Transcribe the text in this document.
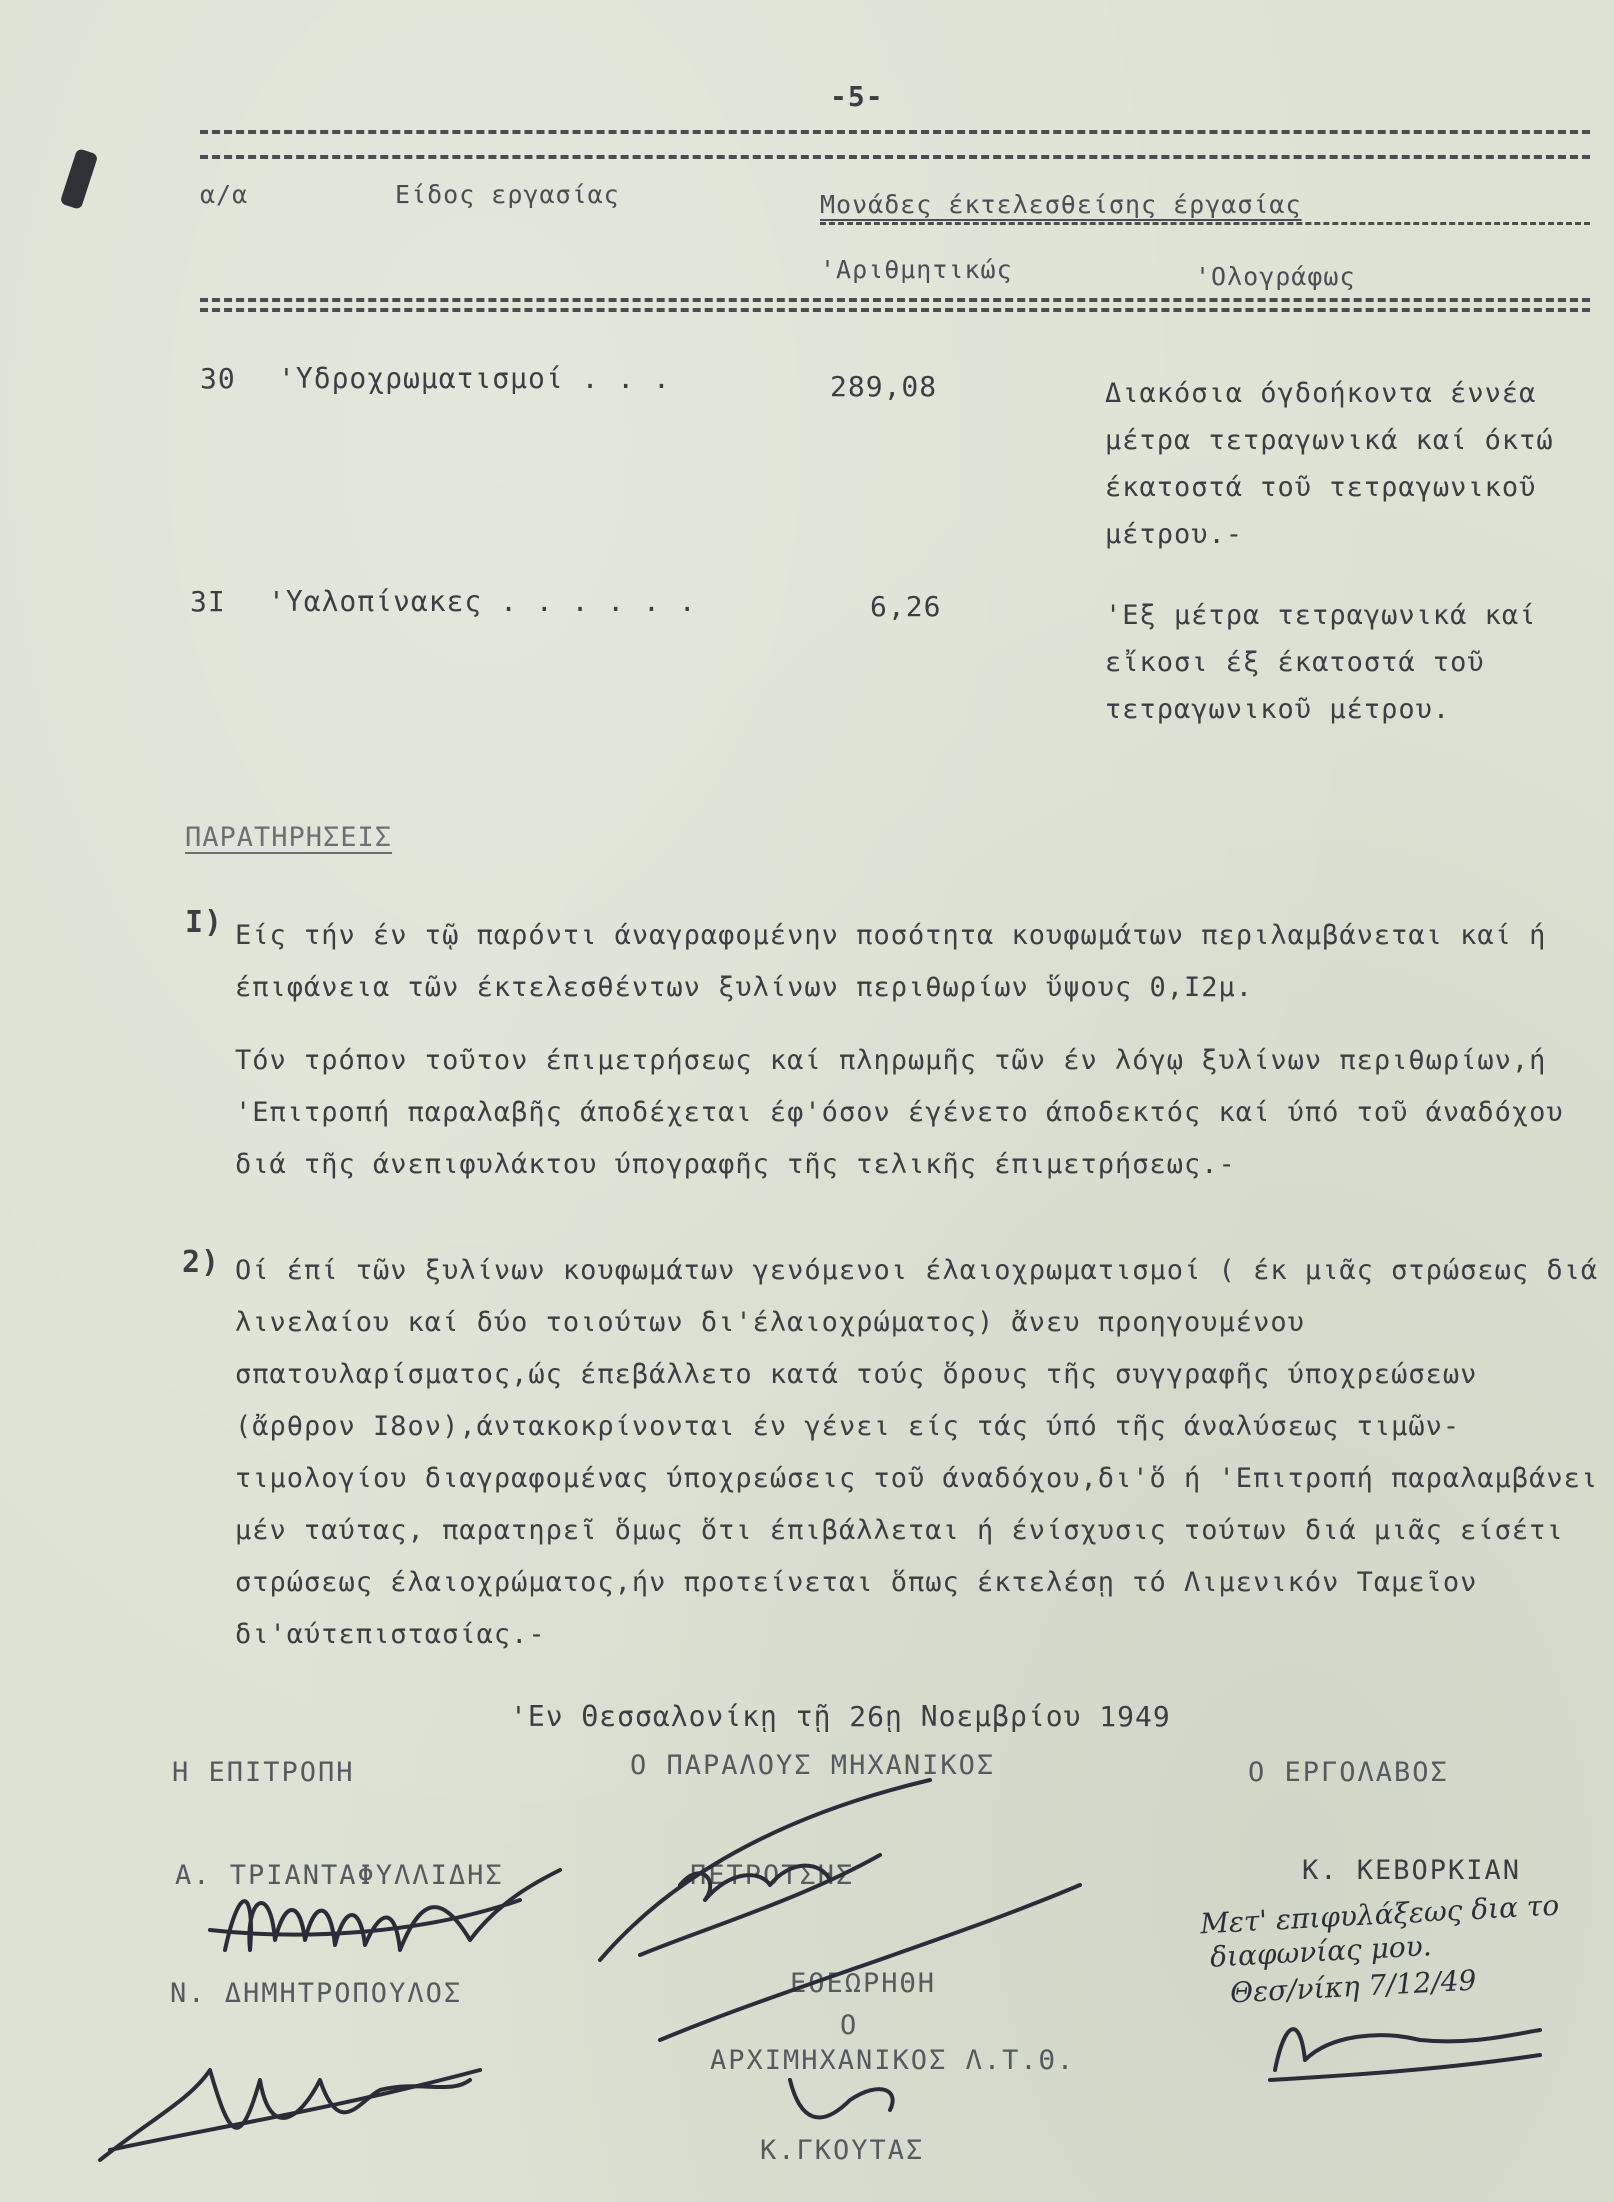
-5-
α/α	Είδος εργασίας	Μονάδες έκτελεσθείσης έργασίας
'Αριθμητικώς	'Ολογράφως
30 'Υδροχρωματισμοί . . .	289,08	Διακόσια όγδοήκοντα έννέα μέτρα τετραγωνικά καί όκτώ έκατοστά τοῦ τετραγωνικοῦ μέτρου.-
3I 'Υαλοπίνακες . . . . . .	6,26	'Εξ μέτρα τετραγωνικά καί εἴκοσι έξ έκατοστά τοῦ τετραγωνικοῦ μέτρου.
ΠΑΡΑΤΗΡΗΣΕΙΣ
I) Είς τήν έν τῷ παρόντι άναγραφομένην ποσότητα κουφωμάτων περιλαμβάνεται καί ή έπιφάνεια τῶν έκτελεσθέντων ξυλίνων περιθωρίων ὕψους 0,I2μ.
Τόν τρόπον τοῦτον έπιμετρήσεως καί πληρωμῆς τῶν έν λόγῳ ξυλίνων περιθωρίων,ή 'Επιτροπή παραλαβῆς άποδέχεται έφ'όσον έγένετο άποδεκτός καί ύπό τοῦ άναδόχου διά τῆς άνεπιφυλάκτου ύπογραφῆς τῆς τελικῆς έπιμετρήσεως.-
2) Οί έπί τῶν ξυλίνων κουφωμάτων γενόμενοι έλαιοχρωματισμοί ( έκ μιᾶς στρώσεως διά λινελαίου καί δύο τοιούτων δι'έλαιοχρώματος) ἄνευ προηγουμένου σπατουλαρίσματος,ώς έπεβάλλετο κατά τούς ὅρους τῆς συγγραφῆς ύποχρεώσεων (ἄρθρον I8ον),άντακοκρίνονται έν γένει είς τάς ύπό τῆς άναλύσεως τιμῶν-τιμολογίου διαγραφομένας ύποχρεώσεις τοῦ άναδόχου,δι'ὅ ή 'Επιτροπή παραλαμβάνει μέν ταύτας, παρατηρεῖ ὅμως ὅτι έπιβάλλεται ή ένίσχυσις τούτων διά μιᾶς είσέτι στρώσεως έλαιοχρώματος,ήν προτείνεται ὅπως έκτελέσῃ τό Λιμενικόν Ταμεῖον δι'αύτεπιστασίας.-
'Εν Θεσσαλονίκῃ τῇ 26ῃ Νοεμβρίου 1949
Η ΕΠΙΤΡΟΠΗ
Α. ΤΡΙΑΝΤΑΦΥΛΛΙΔΗΣ
Ν. ΔΗΜΗΤΡΟΠΟΥΛΟΣ
Ο ΠΑΡΑΛΟΥΣ ΜΗΧΑΝΙΚΟΣ
ΠΕΤΡΟΤΣΗΣ
ΕΘΕΩΡΗΘΗ
Ο
ΑΡΧΙΜΗΧΑΝΙΚΟΣ Λ.Τ.Θ.
Κ.ΓΚΟΥΤΑΣ
Ο ΕΡΓΟΛΑΒΟΣ
Κ. ΚΕΒΟΡΚΙΑΝ
Μετ' επιφυλάξεως δια το
διαφωνίας μου.
Θεσ/νίκη 7/12/49
